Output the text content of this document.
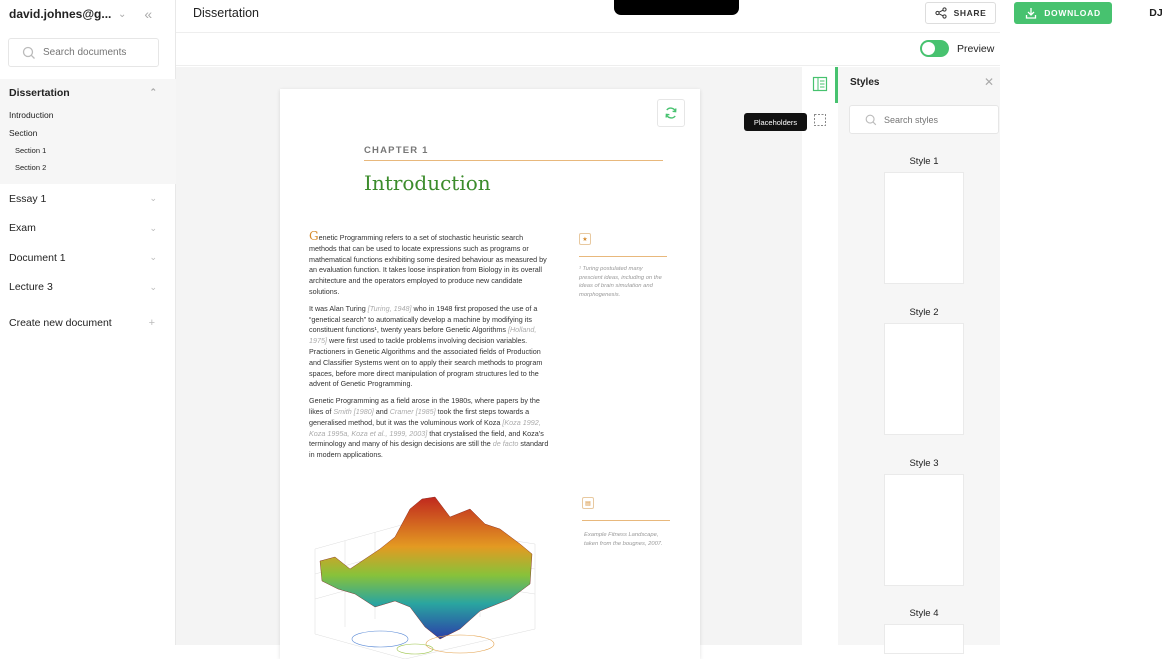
david.johnes@g... ⌄ «
Search documents
Dissertation	⌃
Introduction
Section
Section 1
Section 2
Essay 1	⌄
Exam	⌄
Document 1	⌄
Lecture 3	⌄
Create new document	+
Dissertation	SHARE	DOWNLOAD	DJ
Preview
CHAPTER 1
Introduction

Genetic Programming refers to a set of stochastic heuristic search methods that can be used to locate expressions such as programs or mathematical functions exhibiting some desired behaviour as measured by an evaluation function. It takes loose inspiration from Biology in its overall architecture and the operators employed to produce new candidate solutions.

It was Alan Turing [Turing, 1948] who in 1948 first proposed the use of a “genetical search” to automatically develop a machine by modifying its constituent functions¹, twenty years before Genetic Algorithms [Holland, 1975] were first used to tackle problems involving decision variables. Practioners in Genetic Algorithms and the associated fields of Production and Classifier Systems went on to apply their search methods to program spaces, before more direct manipulation of program structures led to the advent of Genetic Programming.

Genetic Programming as a field arose in the 1980s, where papers by the likes of Smith [1980] and Cramer [1985] took the first steps towards a generalised method, but it was the voluminous work of Koza [Koza 1992, Koza 1995a, Koza et al., 1999, 2003] that crystalised the field, and Koza’s terminology and many of his design decisions are still the de facto standard in modern applications.

★
¹ Turing postulated many prescient ideas, including on the ideas of brain simulation and morphogenesis.
▤
Example Fitness Landscape, taken from the bougnes, 2007.
Placeholders
Styles	✕
Search styles
Style 1
Style 2
Style 3
Style 4
